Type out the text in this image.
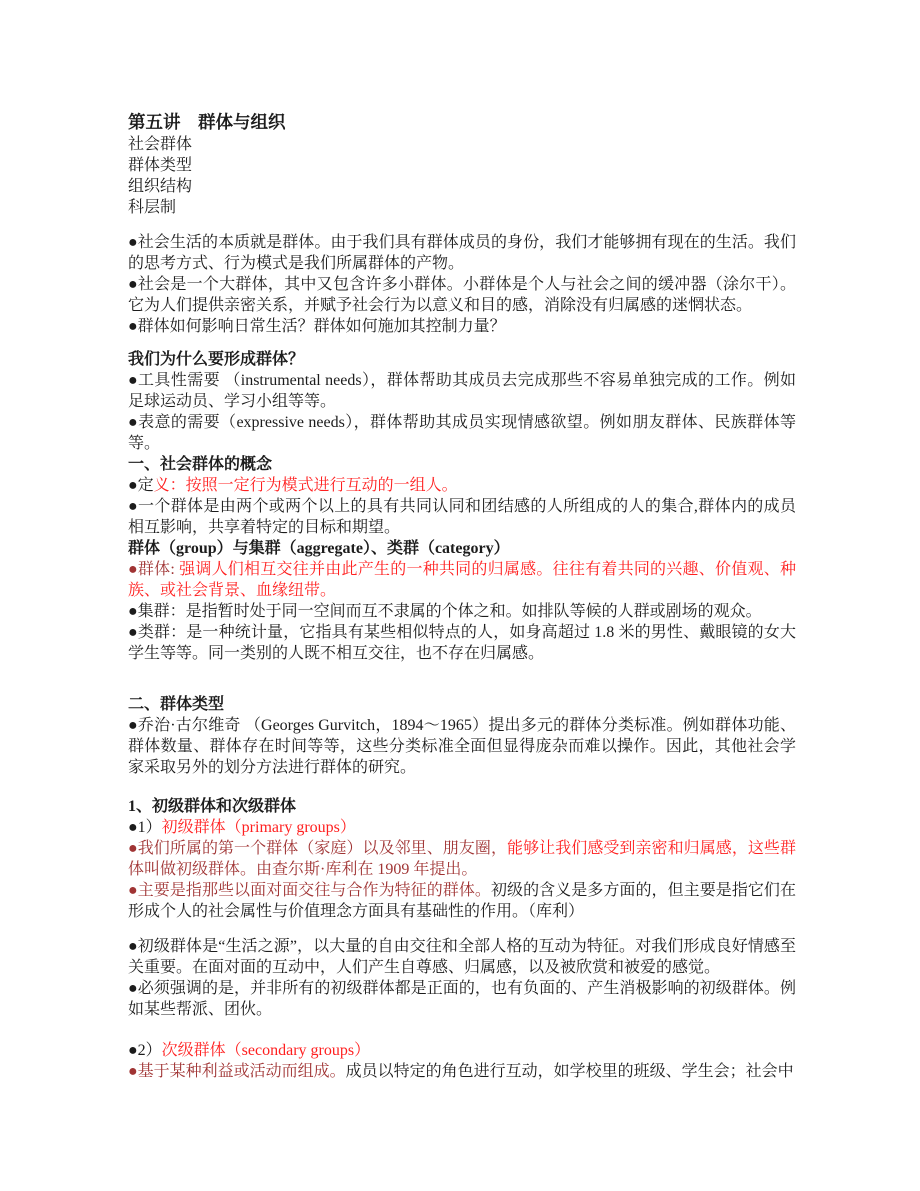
第五讲　群体与组织

社会群体

群体类型

组织结构

科层制

●社会生活的本质就是群体。由于我们具有群体成员的身份，我们才能够拥有现在的生活。我们的思考方式、行为模式是我们所属群体的产物。

●社会是一个大群体，其中又包含许多小群体。小群体是个人与社会之间的缓冲器（涂尔干）。它为人们提供亲密关系，并赋予社会行为以意义和目的感，消除没有归属感的迷惘状态。

●群体如何影响日常生活？群体如何施加其控制力量？

我们为什么要形成群体？

●工具性需要 （instrumental needs），群体帮助其成员去完成那些不容易单独完成的工作。例如足球运动员、学习小组等等。

●表意的需要（expressive needs），群体帮助其成员实现情感欲望。例如朋友群体、民族群体等等。

一、社会群体的概念

●定义：按照一定行为模式进行互动的一组人。

●一个群体是由两个或两个以上的具有共同认同和团结感的人所组成的人的集合,群体内的成员相互影响，共享着特定的目标和期望。

群体（group）与集群（aggregate）、类群（category）

●群体: 强调人们相互交往并由此产生的一种共同的归属感。往往有着共同的兴趣、价值观、种族、或社会背景、血缘纽带。

●集群：是指暂时处于同一空间而互不隶属的个体之和。如排队等候的人群或剧场的观众。

●类群：是一种统计量，它指具有某些相似特点的人，如身高超过 1.8 米的男性、戴眼镜的女大学生等等。同一类别的人既不相互交往，也不存在归属感。

二、群体类型

●乔治·古尔维奇 （Georges Gurvitch，1894～1965）提出多元的群体分类标准。例如群体功能、群体数量、群体存在时间等等，这些分类标准全面但显得庞杂而难以操作。因此，其他社会学家采取另外的划分方法进行群体的研究。

1、初级群体和次级群体

●1）初级群体（primary groups）

●我们所属的第一个群体（家庭）以及邻里、朋友圈，能够让我们感受到亲密和归属感，这些群体叫做初级群体。由查尔斯·库利在 1909 年提出。

●主要是指那些以面对面交往与合作为特征的群体。初级的含义是多方面的，但主要是指它们在形成个人的社会属性与价值理念方面具有基础性的作用。（库利）

●初级群体是“生活之源”，以大量的自由交往和全部人格的互动为特征。对我们形成良好情感至关重要。在面对面的互动中，人们产生自尊感、归属感，以及被欣赏和被爱的感觉。

●必须强调的是，并非所有的初级群体都是正面的，也有负面的、产生消极影响的初级群体。例如某些帮派、团伙。

●2）次级群体（secondary groups）

●基于某种利益或活动而组成。成员以特定的角色进行互动，如学校里的班级、学生会；社会中
